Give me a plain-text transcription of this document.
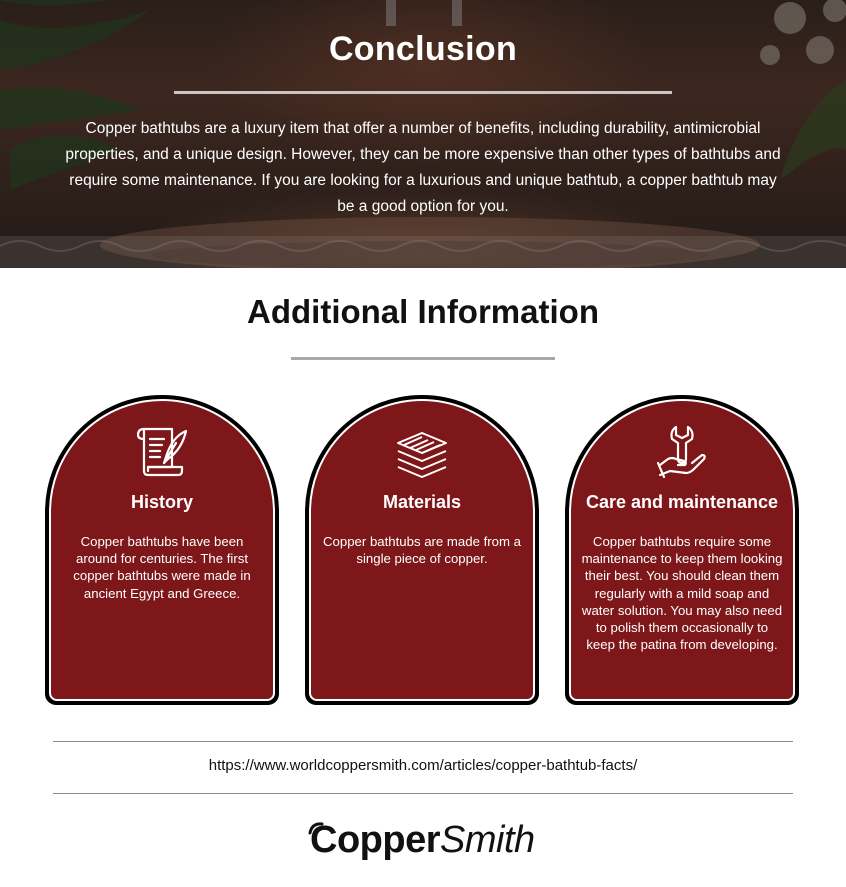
Conclusion
Copper bathtubs are a luxury item that offer a number of benefits, including durability, antimicrobial properties, and a unique design. However, they can be more expensive than other types of bathtubs and require some maintenance. If you are looking for a luxurious and unique bathtub, a copper bathtub may be a good option for you.
Additional Information
History
Copper bathtubs have been around for centuries. The first copper bathtubs were made in ancient Egypt and Greece.
Materials
Copper bathtubs are made from a single piece of copper.
Care and maintenance
Copper bathtubs require some maintenance to keep them looking their best. You should clean them regularly with a mild soap and water solution. You may also need to polish them occasionally to keep the patina from developing.
https://www.worldcoppersmith.com/articles/copper-bathtub-facts/
CopperSmith
